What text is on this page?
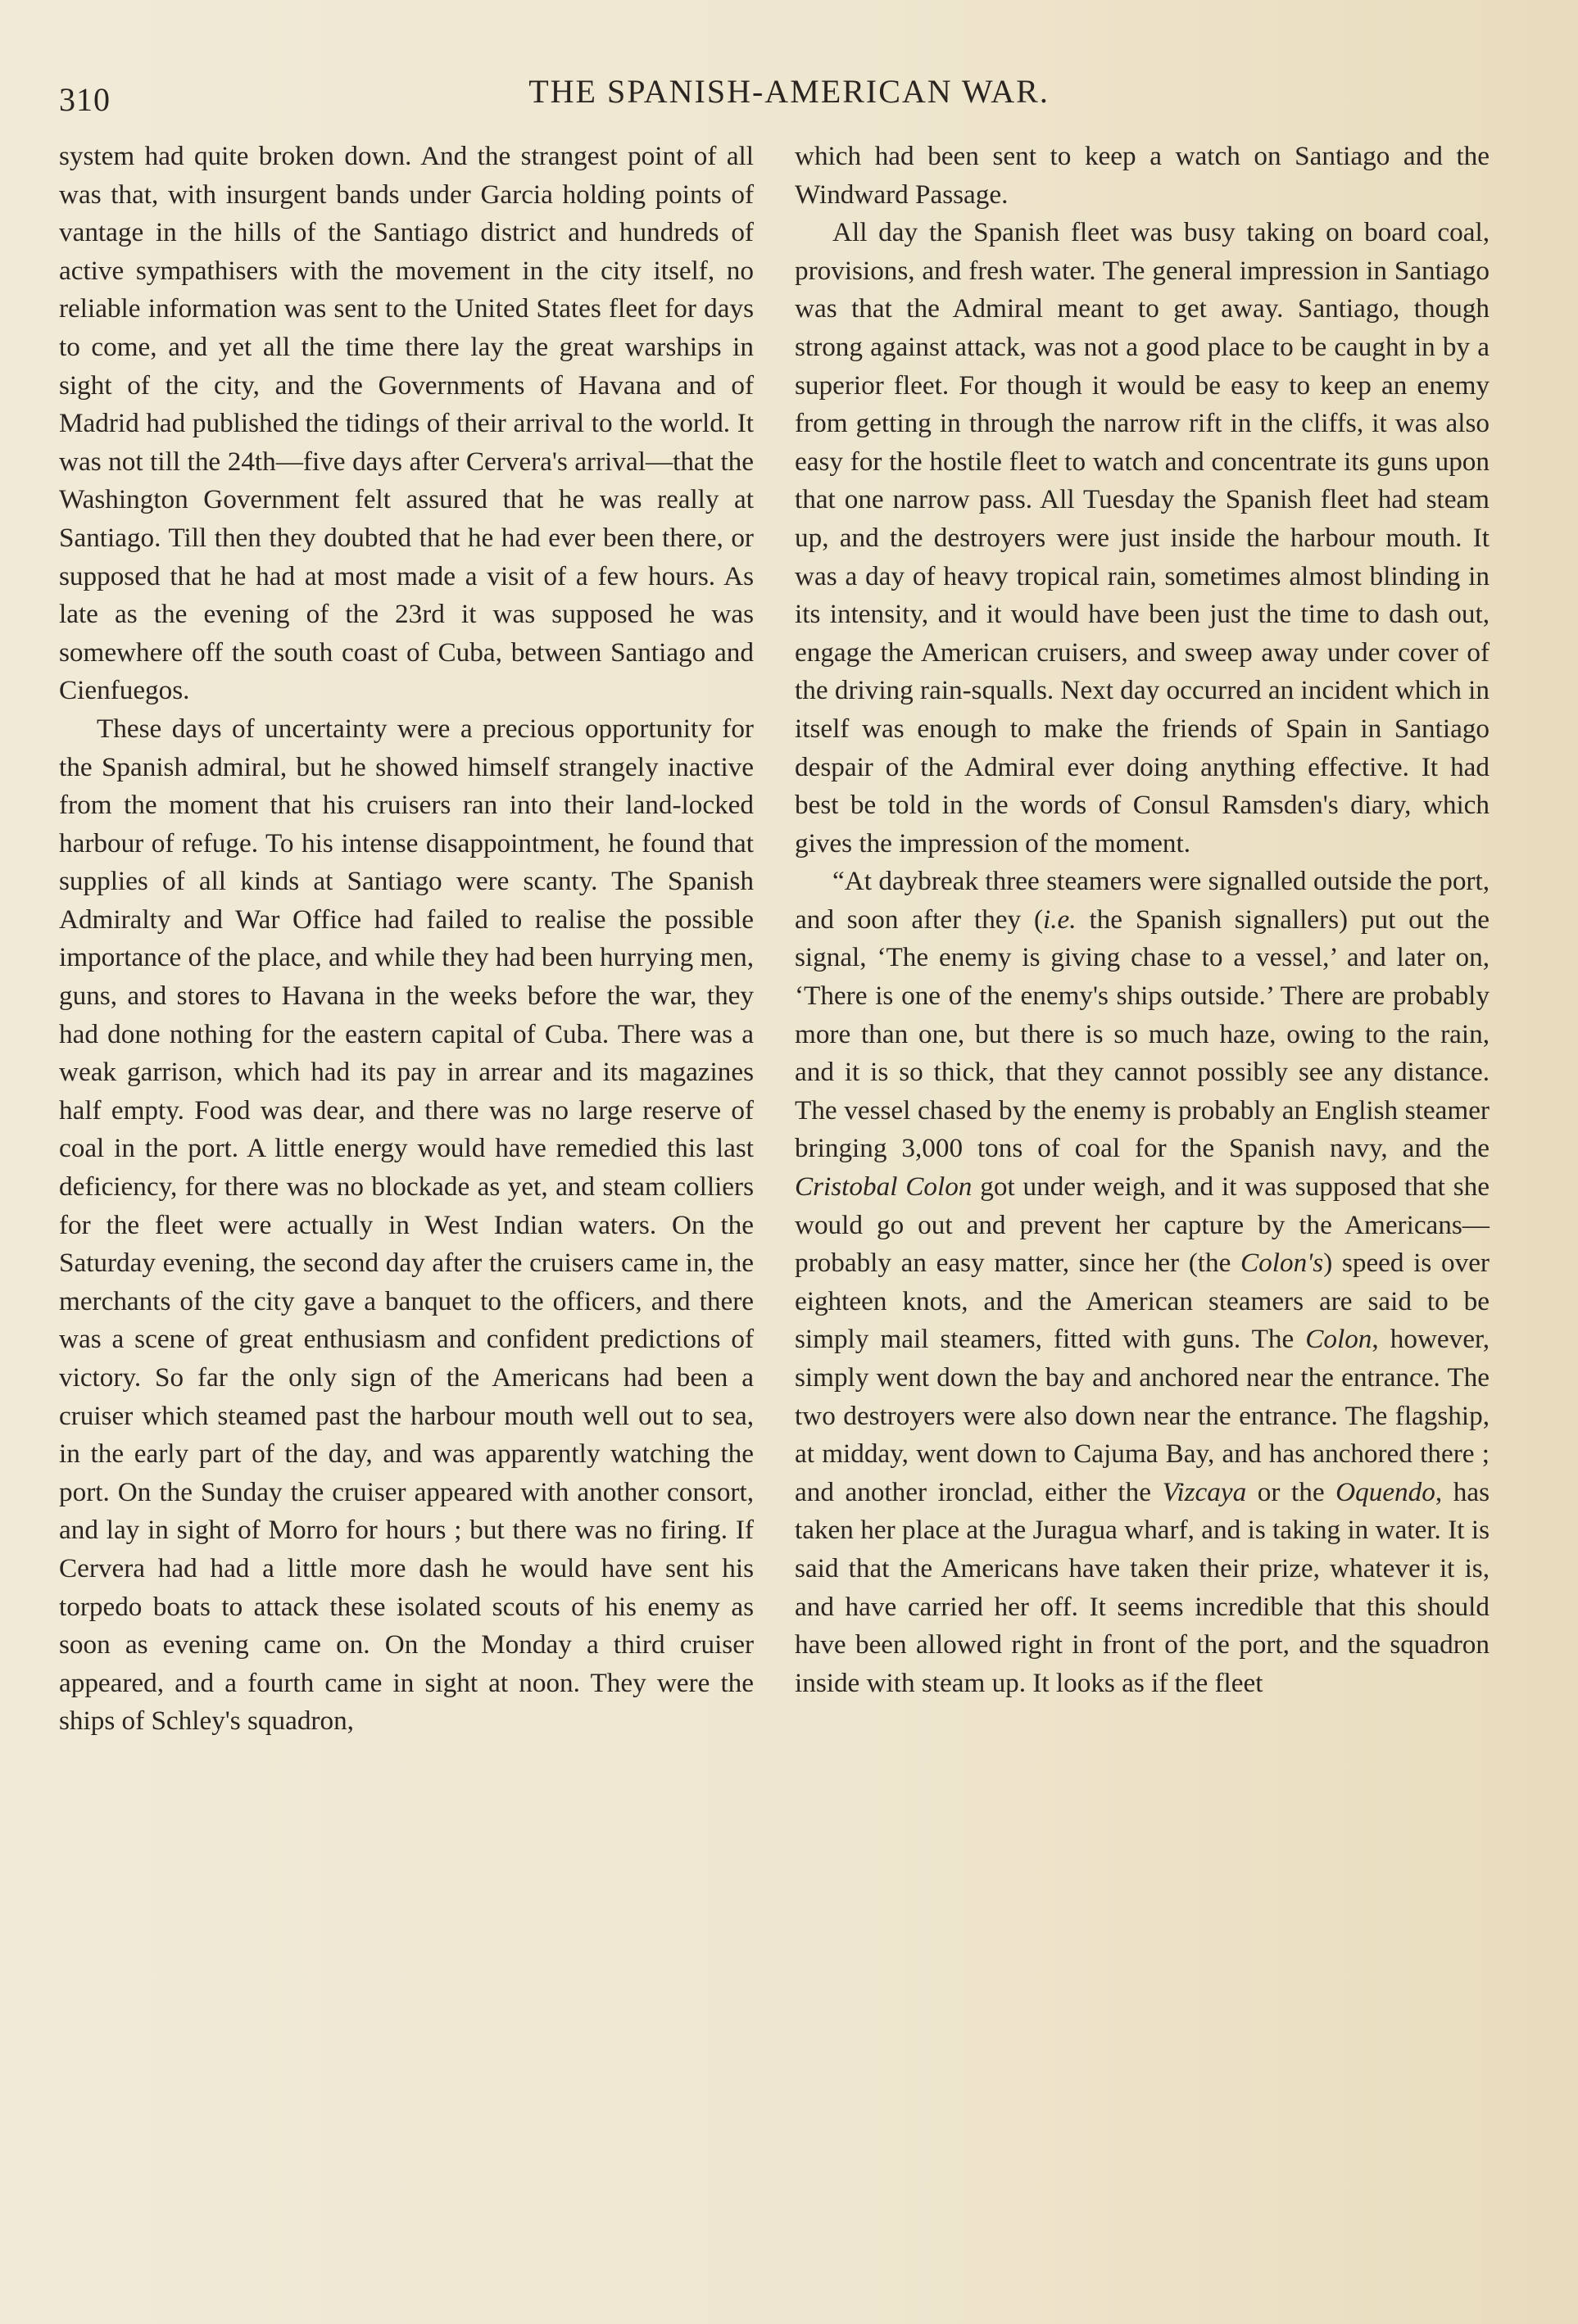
310	THE SPANISH-AMERICAN WAR.

system had quite broken down. And the strangest point of all was that, with insurgent bands under Garcia holding points of vantage in the hills of the Santiago district and hundreds of active sympathisers with the movement in the city itself, no reliable information was sent to the United States fleet for days to come, and yet all the time there lay the great warships in sight of the city, and the Governments of Havana and of Madrid had published the tidings of their arrival to the world. It was not till the 24th—five days after Cervera's arrival—that the Washington Government felt assured that he was really at Santiago. Till then they doubted that he had ever been there, or supposed that he had at most made a visit of a few hours. As late as the evening of the 23rd it was supposed he was somewhere off the south coast of Cuba, between Santiago and Cienfuegos.

These days of uncertainty were a precious opportunity for the Spanish admiral, but he showed himself strangely inactive from the moment that his cruisers ran into their land-locked harbour of refuge. To his intense disappointment, he found that supplies of all kinds at Santiago were scanty. The Spanish Admiralty and War Office had failed to realise the possible importance of the place, and while they had been hurrying men, guns, and stores to Havana in the weeks before the war, they had done nothing for the eastern capital of Cuba. There was a weak garrison, which had its pay in arrear and its magazines half empty. Food was dear, and there was no large reserve of coal in the port. A little energy would have remedied this last deficiency, for there was no blockade as yet, and steam colliers for the fleet were actually in West Indian waters. On the Saturday evening, the second day after the cruisers came in, the merchants of the city gave a banquet to the officers, and there was a scene of great enthusiasm and confident predictions of victory. So far the only sign of the Americans had been a cruiser which steamed past the harbour mouth well out to sea, in the early part of the day, and was apparently watching the port. On the Sunday the cruiser appeared with another consort, and lay in sight of Morro for hours ; but there was no firing. If Cervera had had a little more dash he would have sent his torpedo boats to attack these isolated scouts of his enemy as soon as evening came on. On the Monday a third cruiser appeared, and a fourth came in sight at noon. They were the ships of Schley's squadron,

which had been sent to keep a watch on Santiago and the Windward Passage.

All day the Spanish fleet was busy taking on board coal, provisions, and fresh water. The general impression in Santiago was that the Admiral meant to get away. Santiago, though strong against attack, was not a good place to be caught in by a superior fleet. For though it would be easy to keep an enemy from getting in through the narrow rift in the cliffs, it was also easy for the hostile fleet to watch and concentrate its guns upon that one narrow pass. All Tuesday the Spanish fleet had steam up, and the destroyers were just inside the harbour mouth. It was a day of heavy tropical rain, sometimes almost blinding in its intensity, and it would have been just the time to dash out, engage the American cruisers, and sweep away under cover of the driving rain-squalls. Next day occurred an incident which in itself was enough to make the friends of Spain in Santiago despair of the Admiral ever doing anything effective. It had best be told in the words of Consul Ramsden's diary, which gives the impression of the moment.

“At daybreak three steamers were signalled outside the port, and soon after they (i.e. the Spanish signallers) put out the signal, ‘The enemy is giving chase to a vessel,’ and later on, ‘There is one of the enemy's ships outside.’ There are probably more than one, but there is so much haze, owing to the rain, and it is so thick, that they cannot possibly see any distance. The vessel chased by the enemy is probably an English steamer bringing 3,000 tons of coal for the Spanish navy, and the Cristobal Colon got under weigh, and it was supposed that she would go out and prevent her capture by the Americans—probably an easy matter, since her (the Colon's) speed is over eighteen knots, and the American steamers are said to be simply mail steamers, fitted with guns. The Colon, however, simply went down the bay and anchored near the entrance. The two destroyers were also down near the entrance. The flagship, at midday, went down to Cajuma Bay, and has anchored there ; and another ironclad, either the Vizcaya or the Oquendo, has taken her place at the Juragua wharf, and is taking in water. It is said that the Americans have taken their prize, whatever it is, and have carried her off. It seems incredible that this should have been allowed right in front of the port, and the squadron inside with steam up. It looks as if the fleet
